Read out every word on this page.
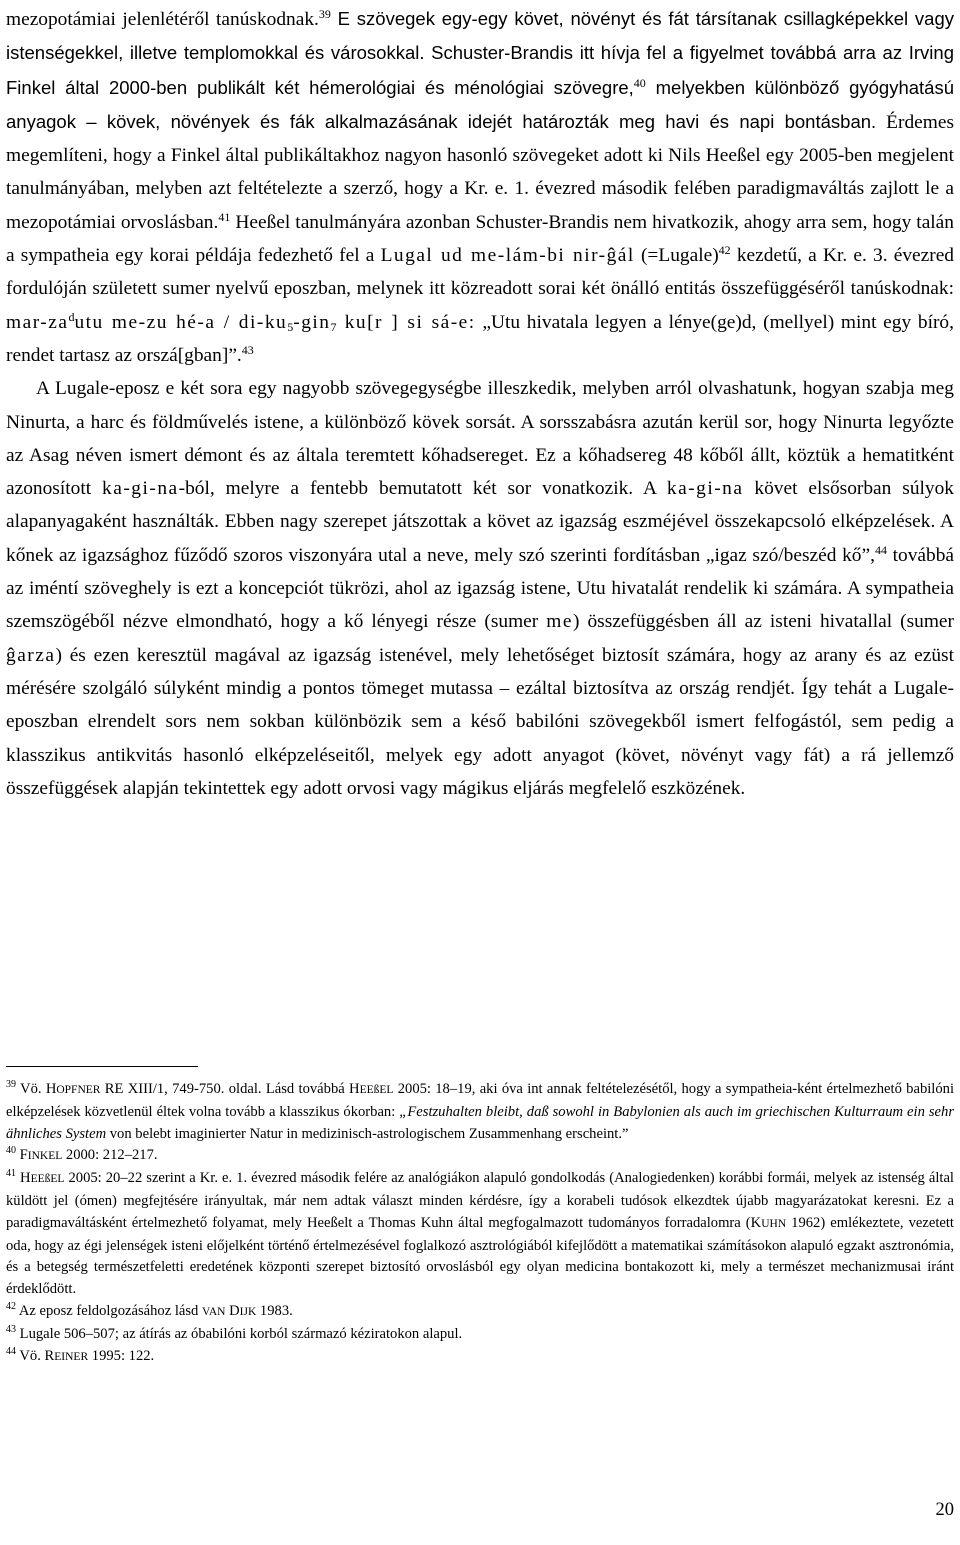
mezopotámiai jelenlétéről tanúskodnak.$^{39}$ E szövegek egy-egy követ, növényt és fát társítanak csillagképekkel vagy istenségekkel, illetve templomokkal és városokkal. Schuster-Brandis itt hívja fel a figyelmet továbbá arra az Irving Finkel által 2000-ben publikált két hémerológiai és ménológiai szövegre,$^{40}$ melyekben különböző gyógyhatású anyagok – kövek, növények és fák alkalmazásának idejét határozták meg havi és napi bontásban. Érdemes megemlíteni, hogy a Finkel által publikáltakhoz nagyon hasonló szövegeket adott ki Nils Heeßel egy 2005-ben megjelent tanulmányában, melyben azt feltételezte a szerző, hogy a Kr. e. 1. évezred második felében paradigmaváltás zajlott le a mezopotámiai orvoslásban.$^{41}$ Heeßel tanulmányára azonban Schuster-Brandis nem hivatkozik, ahogy arra sem, hogy talán a sympatheia egy korai példája fedezhető fel a Lugal ud me-lám-bi nir-ĝál (=Lugale)$^{42}$ kezdetű, a Kr. e. 3. évezred fordulóján született sumer nyelvű eposzban, melynek itt közreadott sorai két önálló entitás összefüggéséről tanúskodnak: mar-$za^dutu$ me-zu hé-a / $di-ku_5-gin_7$ ku[r ] si sá-e: „Utu hivatala legyen a lénye(ge)d, (mellyel) mint egy bíró, rendet tartasz az orszá[gban]”.$^{43}$

A Lugale-eposz e két sora egy nagyobb szövegegységbe illeszkedik, melyben arról olvashatunk, hogyan szabja meg Ninurta, a harc és földművelés istene, a különböző kövek sorsát. A sorsszabásra azután kerül sor, hogy Ninurta legyőzte az Asag néven ismert démont és az általa teremtett kőhadsereget. Ez a kőhadsereg 48 kőből állt, köztük a hematitként azonosított ka-gi-na-ból, melyre a fentebb bemutatott két sor vonatkozik. A ka-gi-na követ elsősorban súlyok alapanyagaként használták. Ebben nagy szerepet játszottak a követ az igazság eszméjével összekapcsoló elképzelések. A kőnek az igazsághoz fűződő szoros viszonyára utal a neve, mely szó szerinti fordításban „igaz szó/beszéd kő”,$^{44}$ továbbá az iméntí szöveghely is ezt a koncepciót tükrözi, ahol az igazság istene, Utu hivatalát rendelik ki számára. A sympatheia szemszögéből nézve elmondható, hogy a kő lényegi része (sumer me) összefüggésben áll az isteni hivatallal (sumer ĝarza) és ezen keresztül magával az igazság istenével, mely lehetőséget biztosít számára, hogy az arany és az ezüst mérésére szolgáló súlyként mindig a pontos tömeget mutassa – ezáltal biztosítva az ország rendjét. Így tehát a Lugale-eposzban elrendelt sors nem sokban különbözik sem a késő babilóni szövegekből ismert felfogástól, sem pedig a klasszikus antikvitás hasonló elképzeléseitől, melyek egy adott anyagot (követ, növényt vagy fát) a rá jellemző összefüggések alapján tekintettek egy adott orvosi vagy mágikus eljárás megfelelő eszközének.

$^{39}$ Vö. HOPFNER RE XIII/1, 749-750. oldal. Lásd továbbá HEEßEL 2005: 18–19, aki óva int annak feltételezésétől, hogy a sympatheia-ként értelmezhető babilóni elképzelések közvetlenül éltek volna tovább a klasszikus ókorban: „Festzuhalten bleibt, daß sowohl in Babylonien als auch im griechischen Kulturraum ein sehr ähnliches System von belebt imaginierter Natur in medizinisch-astrologischem Zusammenhang erscheint.”

$^{40}$ FINKEL 2000: 212–217.

$^{41}$ HEEßEL 2005: 20–22 szerint a Kr. e. 1. évezred második felére az analógiákon alapuló gondolkodás (Analogiedenken) korábbi formái, melyek az istenség által küldött jel (ómen) megfejtésére irányultak, már nem adtak választ minden kérdésre, így a korabeli tudósok elkezdtek újabb magyarázatokat keresni. Ez a paradigmaváltásként értelmezhető folyamat, mely Heeßelt a Thomas Kuhn által megfogalmazott tudományos forradalomra (KUHN 1962) emlékeztete, vezetett oda, hogy az égi jelenségek isteni előjelként történő értelmezésével foglalkozó asztrológiából kifejlődött a matematikai számításokon alapuló egzakt asztronómia, és a betegség természetfeletti eredetének központi szerepet biztosító orvoslásból egy olyan medicina bontakozott ki, mely a természet mechanizmusai iránt érdeklődött.

$^{42}$ Az eposz feldolgozásához lásd VAN DIJK 1983.

$^{43}$ Lugale 506–507; az átírás az óbabilóni korból származó kéziratokon alapul.

$^{44}$ Vö. REINER 1995: 122.

20
